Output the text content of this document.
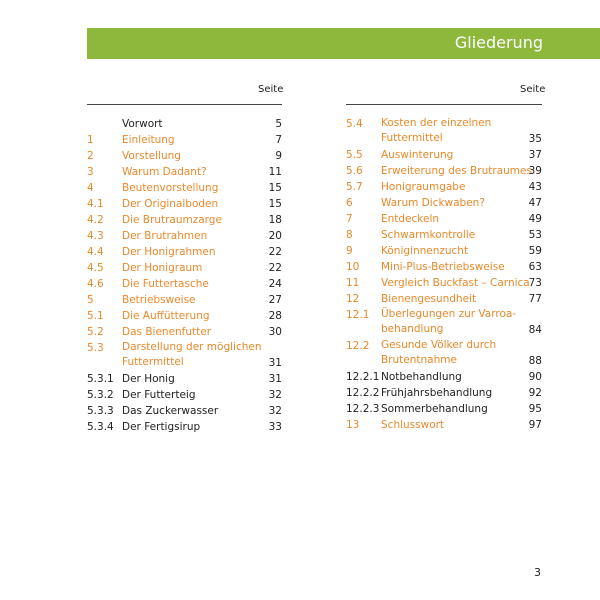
Gliederung
Seite	Seite
Vorwort	5
1	Einleitung	7
2	Vorstellung	9
3	Warum Dadant?	11
4	Beutenvorstellung	15
4.1 Der Originalboden	15
4.2 Die Brutraumzarge	18
4.3 Der Brutrahmen	20
4.4 Der Honigrahmen	22
4.5 Der Honigraum	22
4.6 Die Futtertasche	24
5	Betriebsweise	27
5.1 Die Auffütterung	28
5.2 Das Bienenfutter	30
5.3 Darstellung der möglichen
Futtermittel	31
5.3.1 Der Honig	31
5.3.2 Der Futterteig	32
5.3.3 Das Zuckerwasser	32
5.3.4 Der Fertigsirup	33
5.4 Kosten der einzelnen
Futtermittel	35
5.5 Auswinterung	37
5.6 Erweiterung des Brutraumes
39
5.7 Honigraumgabe	43
6	Warum Dickwaben?	47
7	Entdeckeln	49
8	Schwarmkontrolle	53
9	Königinnenzucht	59
10 Mini-Plus-Betriebsweise 63
11 Vergleich Buckfast – Carnica
73
12 Bienengesundheit	77
12.1 Überlegungen zur Varroa-
behandlung	84
12.2 Gesunde Völker durch
Brutentnahme	88
12.2.1 Notbehandlung	90
12.2.2 Frühjahrsbehandlung	92
12.2.3 Sommerbehandlung	95
13 Schlusswort	97
3
